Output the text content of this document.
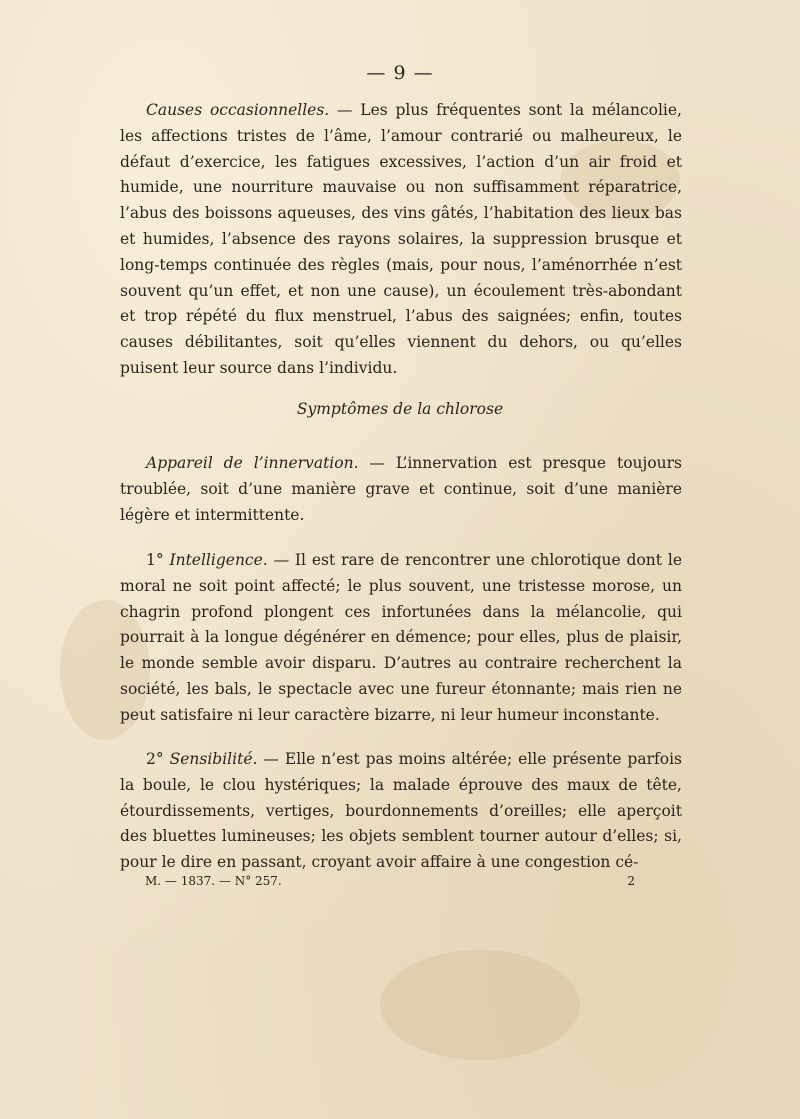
— 9 —

Causes occasionnelles. — Les plus fréquentes sont la mélancolie, les affections tristes de l’âme, l’amour contrarié ou malheureux, le défaut d’exercice, les fatigues excessives, l’action d’un air froid et humide, une nourriture mauvaise ou non suffisamment réparatrice, l’abus des boissons aqueuses, des vins gâtés, l’habitation des lieux bas et humides, l’absence des rayons solaires, la suppression brusque et long-temps continuée des règles (mais, pour nous, l’aménorrhée n’est souvent qu’un effet, et non une cause), un écoulement très-abondant et trop répété du flux menstruel, l’abus des saignées; enfin, toutes causes débilitantes, soit qu’elles viennent du dehors, ou qu’elles puisent leur source dans l’individu.

Symptômes de la chlorose

Appareil de l’innervation. — L’innervation est presque toujours troublée, soit d’une manière grave et continue, soit d’une manière légère et intermittente.

1° Intelligence. — Il est rare de rencontrer une chlorotique dont le moral ne soit point affecté; le plus souvent, une tristesse morose, un chagrin profond plongent ces infortunées dans la mélancolie, qui pourrait à la longue dégénérer en démence; pour elles, plus de plaisir, le monde semble avoir disparu. D’autres au contraire recherchent la société, les bals, le spectacle avec une fureur étonnante; mais rien ne peut satisfaire ni leur caractère bizarre, ni leur humeur inconstante.

2° Sensibilité. — Elle n’est pas moins altérée; elle présente parfois la boule, le clou hystériques; la malade éprouve des maux de tête, étourdissements, vertiges, bourdonnements d’oreilles; elle aperçoit des bluettes lumineuses; les objets semblent tourner autour d’elles; si, pour le dire en passant, croyant avoir affaire à une congestion cé-

M. — 1837. — N° 257.	2
